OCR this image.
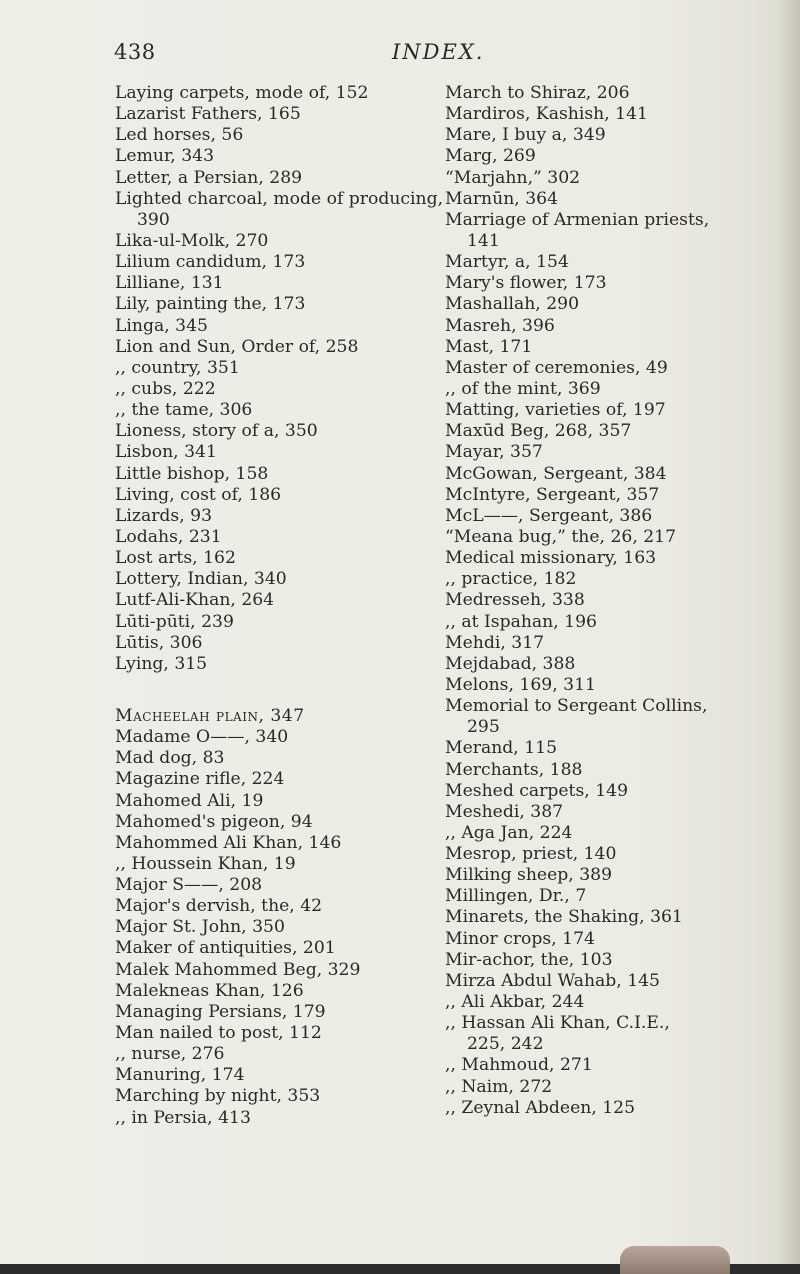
438	INDEX.
Laying carpets, mode of, 152
Lazarist Fathers, 165
Led horses, 56
Lemur, 343
Letter, a Persian, 289
Lighted charcoal, mode of producing,
390
Lika-ul-Molk, 270
Lilium candidum, 173
Lilliane, 131
Lily, painting the, 173
Linga, 345
Lion and Sun, Order of, 258
,, country, 351
,, cubs, 222
,, the tame, 306
Lioness, story of a, 350
Lisbon, 341
Little bishop, 158
Living, cost of, 186
Lizards, 93
Lodahs, 231
Lost arts, 162
Lottery, Indian, 340
Lutf-Ali-Khan, 264
Lūti-pūti, 239
Lūtis, 306
Lying, 315
Macheelah plain, 347
Madame O——, 340
Mad dog, 83
Magazine rifle, 224
Mahomed Ali, 19
Mahomed's pigeon, 94
Mahommed Ali Khan, 146
,, Houssein Khan, 19
Major S——, 208
Major's dervish, the, 42
Major St. John, 350
Maker of antiquities, 201
Malek Mahommed Beg, 329
Malekneas Khan, 126
Managing Persians, 179
Man nailed to post, 112
,, nurse, 276
Manuring, 174
Marching by night, 353
,, in Persia, 413
March to Shiraz, 206
Mardiros, Kashish, 141
Mare, I buy a, 349
Marg, 269
“Marjahn,” 302
Marnūn, 364
Marriage of Armenian priests,
141
Martyr, a, 154
Mary's flower, 173
Mashallah, 290
Masreh, 396
Mast, 171
Master of ceremonies, 49
,, of the mint, 369
Matting, varieties of, 197
Maxūd Beg, 268, 357
Mayar, 357
McGowan, Sergeant, 384
McIntyre, Sergeant, 357
McL——, Sergeant, 386
“Meana bug,” the, 26, 217
Medical missionary, 163
,, practice, 182
Medresseh, 338
,, at Ispahan, 196
Mehdi, 317
Mejdabad, 388
Melons, 169, 311
Memorial to Sergeant Collins,
295
Merand, 115
Merchants, 188
Meshed carpets, 149
Meshedi, 387
,, Aga Jan, 224
Mesrop, priest, 140
Milking sheep, 389
Millingen, Dr., 7
Minarets, the Shaking, 361
Minor crops, 174
Mir-achor, the, 103
Mirza Abdul Wahab, 145
,, Ali Akbar, 244
,, Hassan Ali Khan, C.I.E.,
225, 242
,, Mahmoud, 271
,, Naim, 272
,, Zeynal Abdeen, 125
